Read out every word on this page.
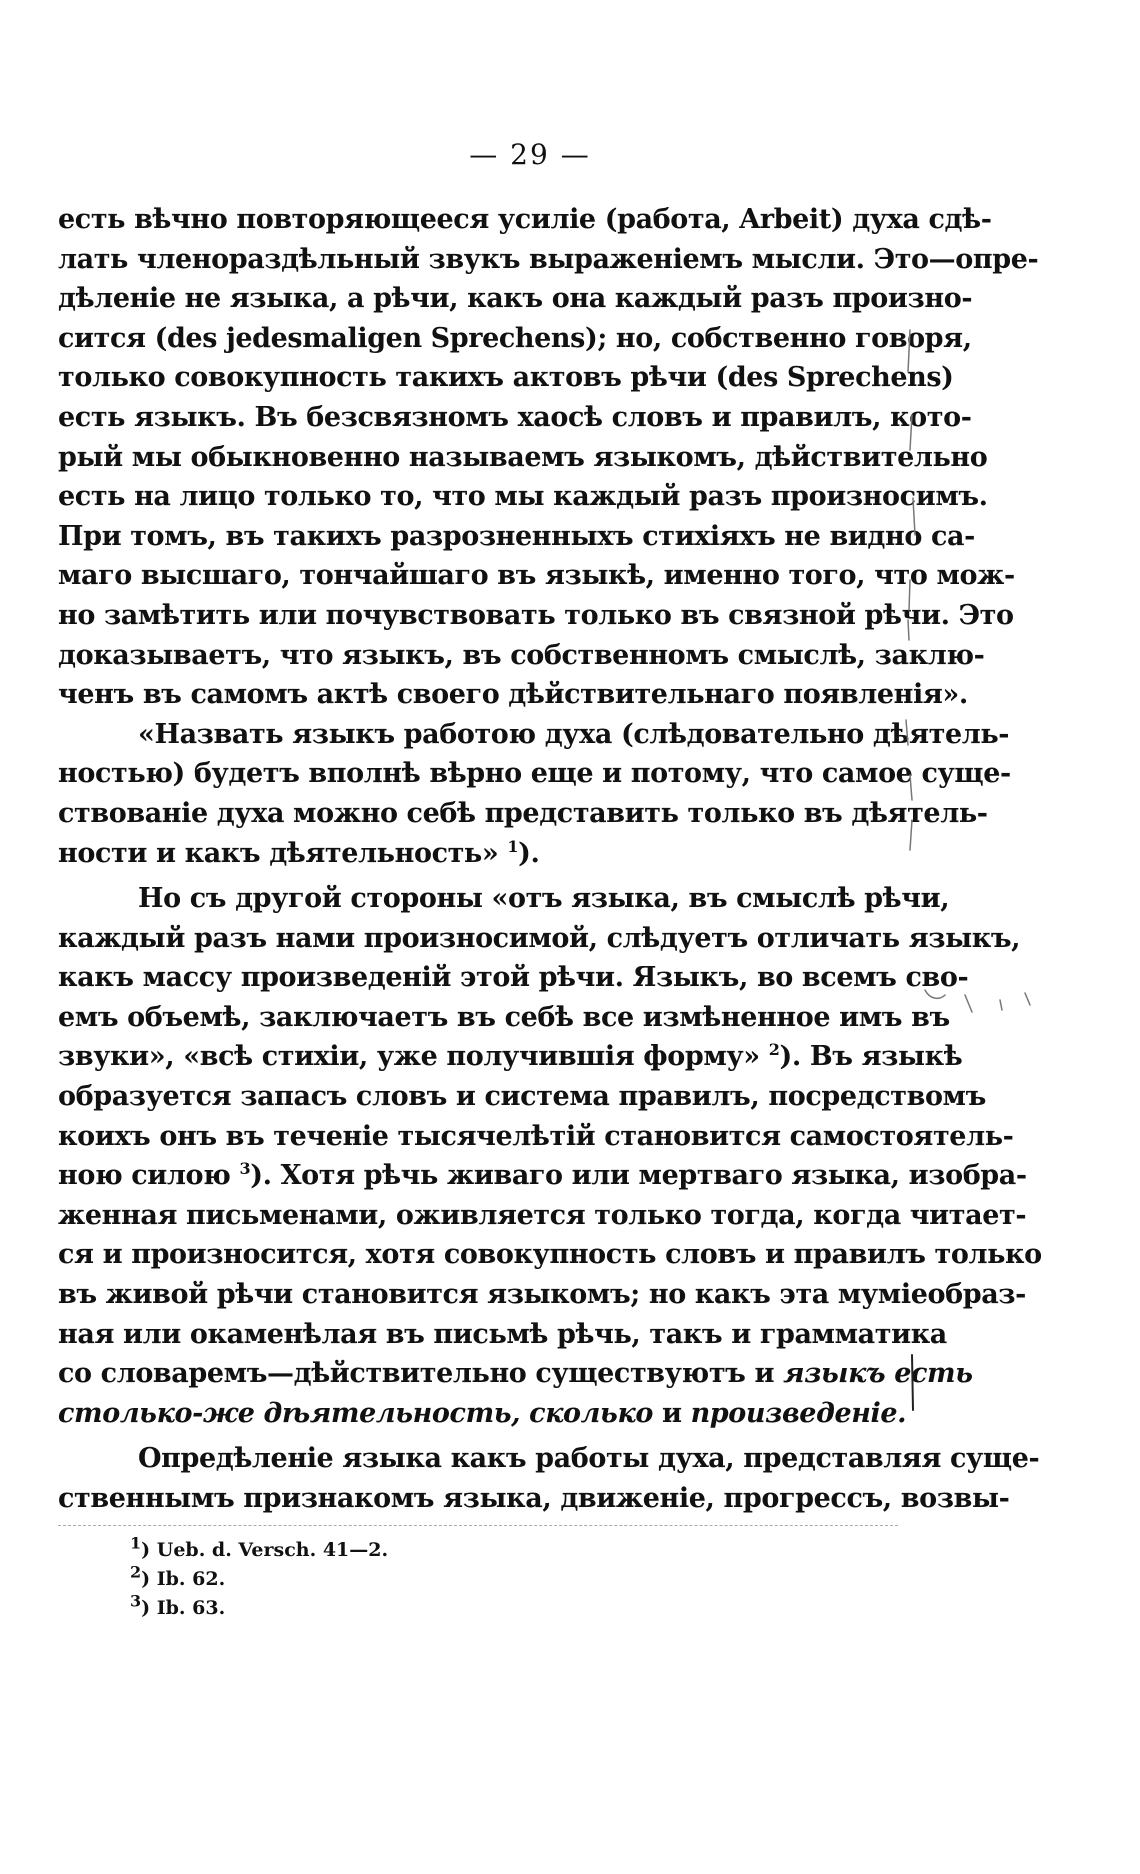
— 29 —
есть вѣчно повторяющееся усиліе (работа, Arbeit) духа сдѣ-
лать членораздѣльный звукъ выраженіемъ мысли. Это—опре-
дѣленіе не языка, а рѣчи, какъ она каждый разъ произно-
сится (des jedesmaligen Sprechens); но, собственно говоря,
только совокупность такихъ актовъ рѣчи (des Sprechens)
есть языкъ. Въ безсвязномъ хаосѣ словъ и правилъ, кото-
рый мы обыкновенно называемъ языкомъ, дѣйствительно
есть на лицо только то, что мы каждый разъ произносимъ.
При томъ, въ такихъ разрозненныхъ стихіяхъ не видно са-
маго высшаго, тончайшаго въ языкѣ, именно того, что мож-
но замѣтить или почувствовать только въ связной рѣчи. Это
доказываетъ, что языкъ, въ собственномъ смыслѣ, заклю-
ченъ въ самомъ актѣ своего дѣйствительнаго появленія».
«Назвать языкъ работою духа (слѣдовательно дѣятель-
ностью) будетъ вполнѣ вѣрно еще и потому, что самое суще-
ствованіе духа можно себѣ представить только въ дѣятель-
ности и какъ дѣятельность» $^1$).
Но съ другой стороны «отъ языка, въ смыслѣ рѣчи,
каждый разъ нами произносимой, слѣдуетъ отличать языкъ,
какъ массу произведеній этой рѣчи. Языкъ, во всемъ сво-
емъ объемѣ, заключаетъ въ себѣ все измѣненное имъ въ
звуки», «всѣ стихіи, уже получившія форму» $^2$). Въ языкѣ
образуется запасъ словъ и система правилъ, посредствомъ
коихъ онъ въ теченіе тысячелѣтій становится самостоятель-
ною силою $^3$). Хотя рѣчь живаго или мертваго языка, изобра-
женная письменами, оживляется только тогда, когда читает-
ся и произносится, хотя совокупность словъ и правилъ только
въ живой рѣчи становится языкомъ; но какъ эта муміеобраз-
ная или окаменѣлая въ письмѣ рѣчь, такъ и грамматика
со словаремъ—дѣйствительно существуютъ и языкъ есть
столько-же дѣятельность, сколько и произведеніе.
Опредѣленіе языка какъ работы духа, представляя суще-
ственнымъ признакомъ языка, движеніе, прогрессъ, возвы-
$^1$) Ueb. d. Versch. 41—2.
$^2$) Ib. 62.
$^3$) Ib. 63.
